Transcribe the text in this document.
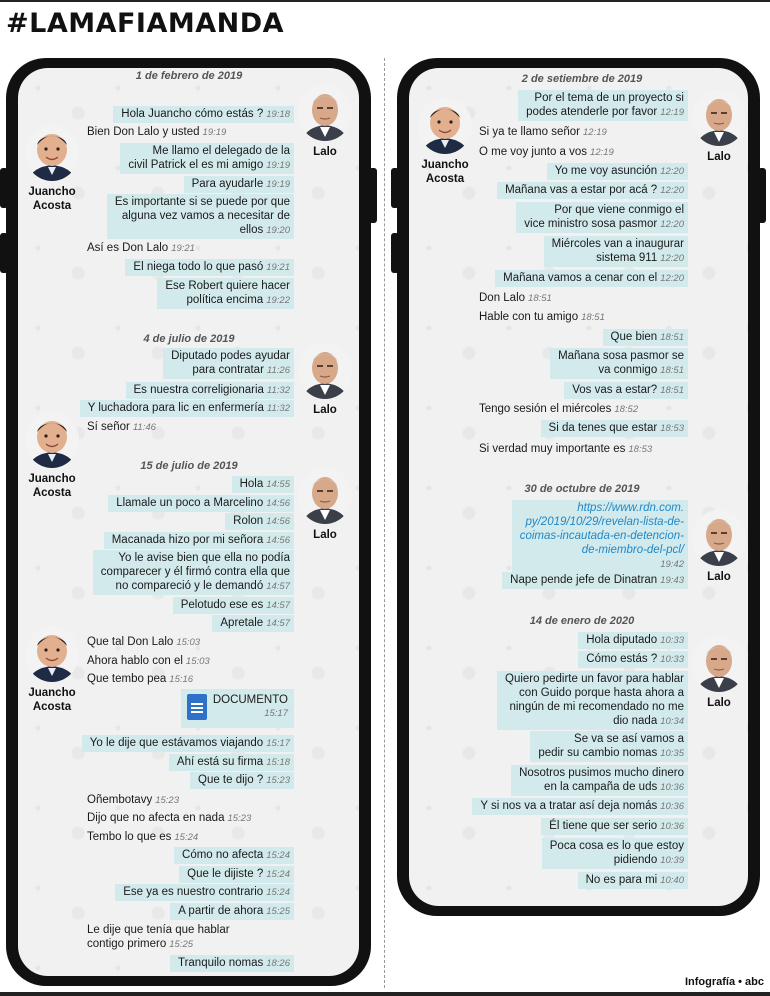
#LAMAFIAMANDA
1 de febrero de 2019
4 de julio de 2019
15 de julio de 2019
Hola Juancho cómo estás ? 19:18
Bien Don Lalo y usted 19:19
Me llamo el delegado de la
civil Patrick el es mi amigo 19:19
Para ayudarle 19:19
Es importante si se puede por que
alguna vez vamos a necesitar de
ellos 19:20
Así es Don Lalo 19:21
El niega todo lo que pasó 19:21
Ese Robert quiere hacer
política encima 19:22
Diputado podes ayudar
para contratar 11:26
Es nuestra correligionaria 11:32
Y luchadora para lic en enfermería 11:32
Sí señor 11:46
Hola 14:55
Llamale un poco a Marcelino 14:56
Rolon 14:56
Macanada hizo por mi señora 14:56
Yo le avise bien que ella no podía
comparecer y él firmó contra ella que
no compareció y le demandó 14:57
Pelotudo ese es 14:57
Apretale 14:57
Que tal Don Lalo 15:03
Ahora hablo con el 15:03
Que tembo pea 15:16
DOCUMENTO
15:17
Yo le dije que estávamos viajando 15:17
Ahí está su firma 15:18
Que te dijo ? 15:23
Oñembotavy 15:23
Dijo que no afecta en nada 15:23
Tembo lo que es 15:24
Cómo no afecta 15:24
Que le dijiste ? 15:24
Ese ya es nuestro contrario 15:24
A partir de ahora 15:25
Le dije que tenía que hablar
contigo primero 15:25
Tranquilo nomas 18:26
Lalo
Juancho
Acosta
Lalo
Juancho
Acosta
Lalo
Juancho
Acosta
2 de setiembre de 2019
30 de octubre de 2019
14 de enero de 2020
Por el tema de un proyecto si
podes atenderle por favor 12:19
Si ya te llamo señor 12:19
O me voy junto a vos 12:19
Yo me voy asunción 12:20
Mañana vas a estar por acá ? 12:20
Por que viene conmigo el
vice ministro sosa pasmor 12:20
Miércoles van a inaugurar
sistema 911 12:20
Mañana vamos a cenar con el 12:20
Don Lalo 18:51
Hable con tu amigo 18:51
Que bien 18:51
Mañana sosa pasmor se
va conmigo 18:51
Vos vas a estar? 18:51
Tengo sesión el miércoles 18:52
Si da tenes que estar 18:53
Si verdad muy importante es 18:53
https://www.rdn.com.
py/2019/10/29/revelan-lista-de-
coimas-incautada-en-detencion-
de-miembro-del-pcl/
19:42
Nape pende jefe de Dinatran 19:43
Hola diputado 10:33
Cómo estás ? 10:33
Quiero pedirte un favor para hablar
con Guido porque hasta ahora a
ningún de mi recomendado no me
dio nada 10:34
Se va se así vamos a
pedir su cambio nomas 10:35
Nosotros pusimos mucho dinero
en la campaña de uds 10:36
Y si nos va a tratar así deja nomás 10:36
Él tiene que ser serio 10:36
Poca cosa es lo que estoy
pidiendo 10:39
No es para mi 10:40
Lalo
Juancho
Acosta
Lalo
Lalo
Infografía • abc
